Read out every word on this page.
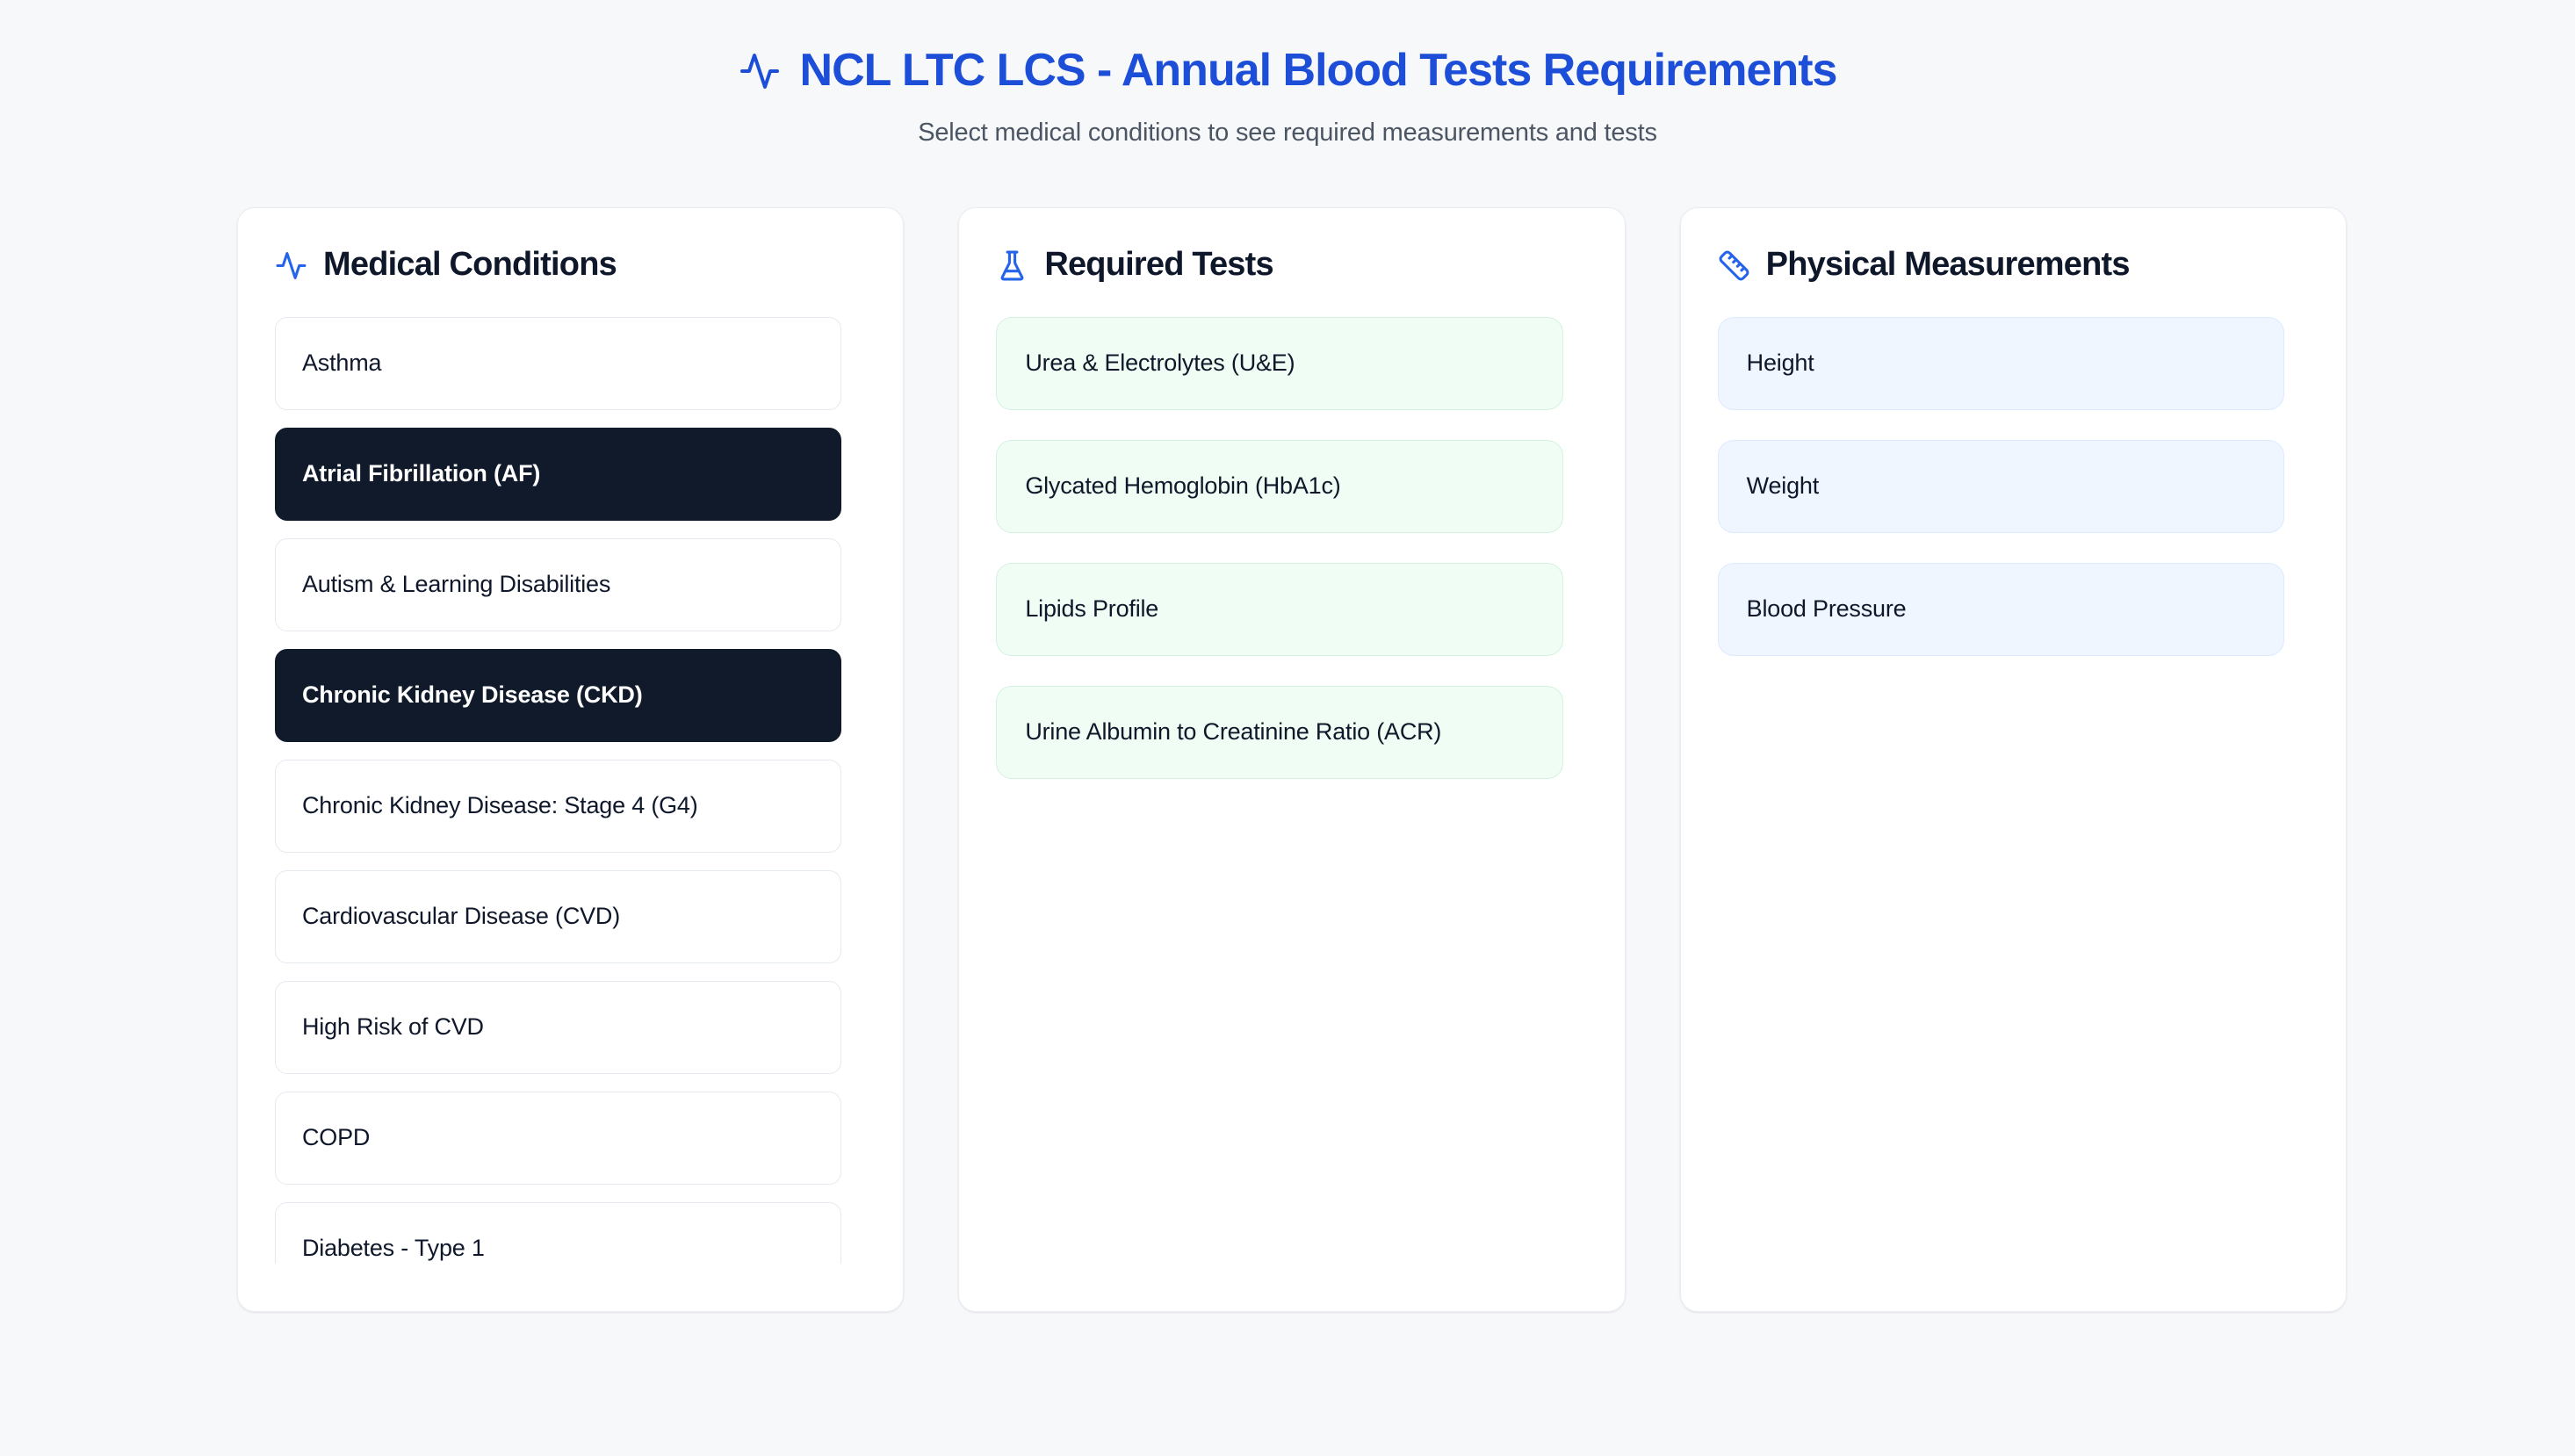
NCL LTC LCS - Annual Blood Tests Requirements

Select medical conditions to see required measurements and tests

Medical Conditions
Asthma
Atrial Fibrillation (AF)
Autism & Learning Disabilities
Chronic Kidney Disease (CKD)
Chronic Kidney Disease: Stage 4 (G4)
Cardiovascular Disease (CVD)
High Risk of CVD
COPD
Diabetes - Type 1
Required Tests
Urea & Electrolytes (U&E)
Glycated Hemoglobin (HbA1c)
Lipids Profile
Urine Albumin to Creatinine Ratio (ACR)
Physical Measurements
Height
Weight
Blood Pressure
